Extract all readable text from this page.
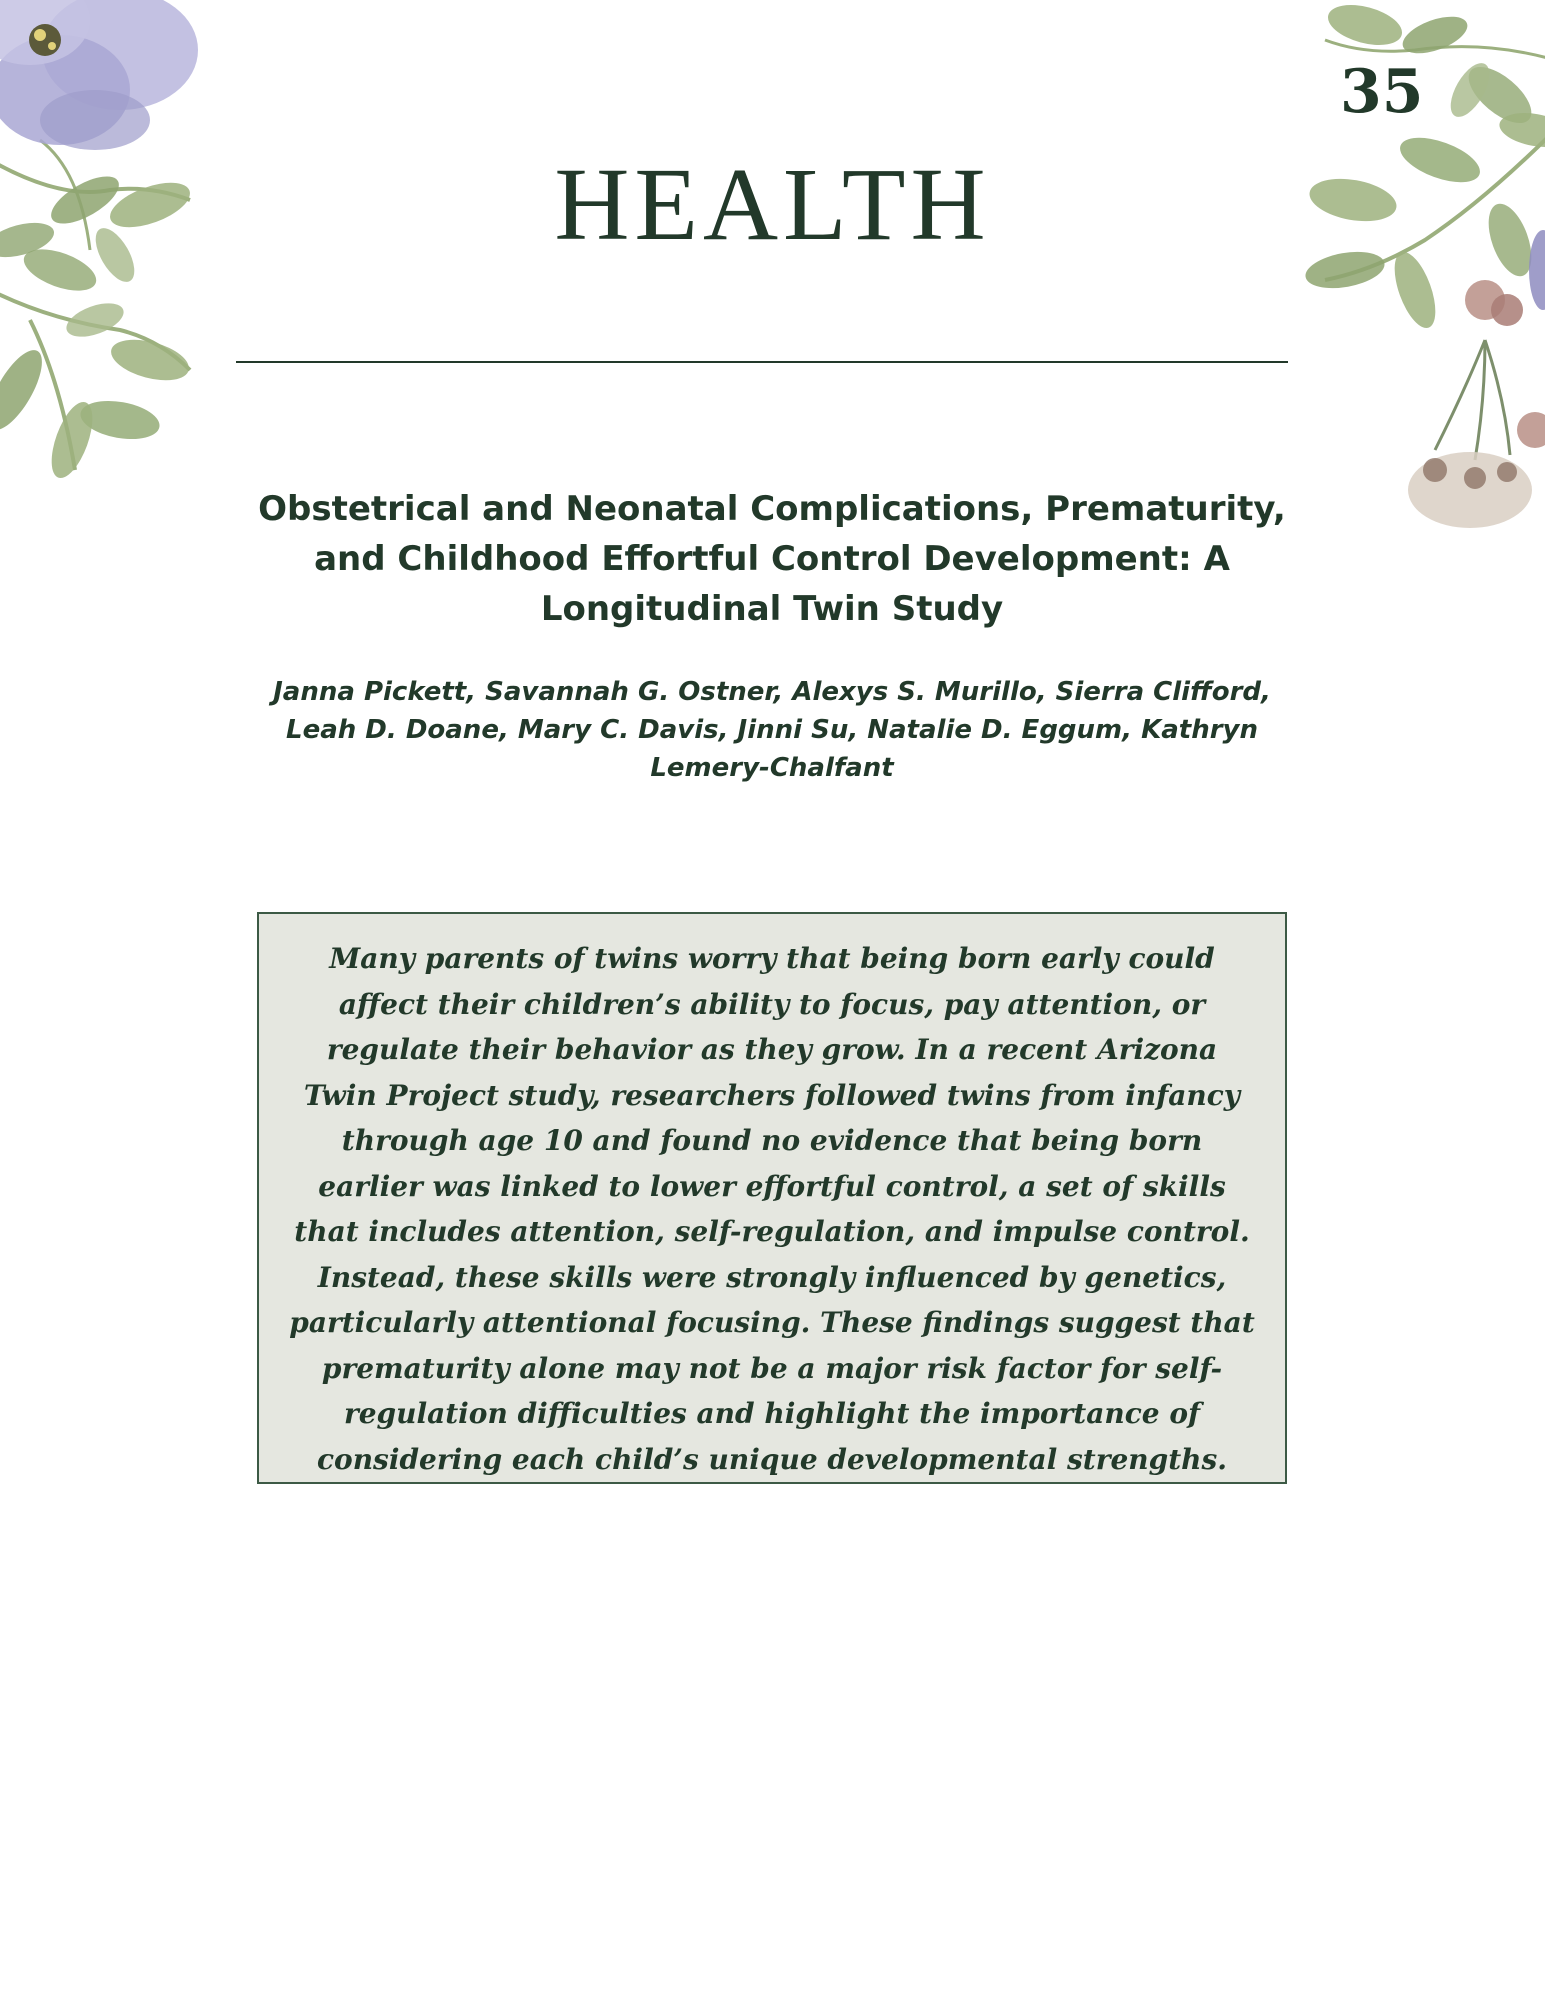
35
HEALTH
Obstetrical and Neonatal Complications, Prematurity, and Childhood Effortful Control Development: A Longitudinal Twin Study

Janna Pickett, Savannah G. Ostner, Alexys S. Murillo, Sierra Clifford, Leah D. Doane, Mary C. Davis, Jinni Su, Natalie D. Eggum, Kathryn Lemery-Chalfant

Many parents of twins worry that being born early could affect their children’s ability to focus, pay attention, or regulate their behavior as they grow. In a recent Arizona Twin Project study, researchers followed twins from infancy through age 10 and found no evidence that being born earlier was linked to lower effortful control, a set of skills that includes attention, self-regulation, and impulse control. Instead, these skills were strongly influenced by genetics, particularly attentional focusing. These findings suggest that prematurity alone may not be a major risk factor for self-regulation difficulties and highlight the importance of considering each child’s unique developmental strengths.
